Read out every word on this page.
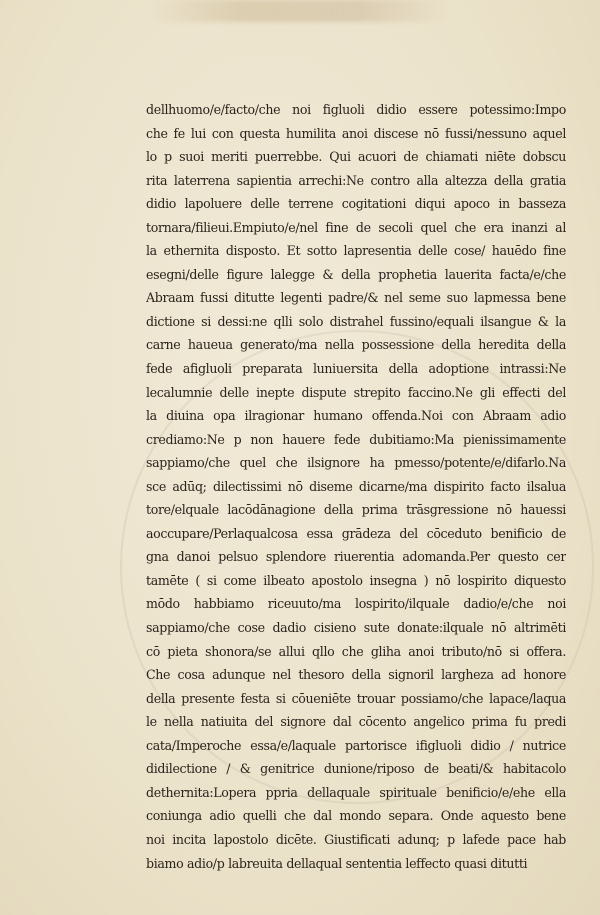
dellhuomo/e/facto/che noi figluoli didio essere potessimo:Impo
che fe lui con questa humilita anoi discese nō fussi/nessuno aquel
lo p suoi meriti puerrebbe. Qui acuori de chiamati niēte dobscu
rita laterrena sapientia arrechi:Ne contro alla altezza della gratia
didio lapoluere delle terrene cogitationi diqui apoco in basseza
tornara/filieui.Empiuto/e/nel fine de secoli quel che era inanzi al
la ethernita dispostο. Et sotto lapresentia delle cose/ hauēdo fine
esegni/delle figure lalegge & della prophetia lauerita facta/e/che
Abraam fussi ditutte legenti padre/& nel seme suo lapmessa bene
dictione si dessi:ne qlli solo distrahel fussino/equali ilsangue & la
carne haueua generato/ma nella possessione della heredita della
fede afigluoli preparata luniuersita della adoptione intrassi:Ne
lecalumnie delle inepte dispute strepito faccino.Ne gli effecti del
la diuina opa ilragionar humano offenda.Noi con Abraam adio
crediamo:Ne p non hauere fede dubitiamo:Ma pienissimamente
sappiamo/che quel che ilsignore ha pmesso/potente/e/difarlo.Na
sce adūq; dilectissimi nō diseme dicarne/ma dispirito facto ilsalua
tore/elquale lacōdānagione della prima trāsgressione nō hauessi
aoccupare/Perlaqualcosa essa grādeza del cōceduto benificio de
gna danoi pelsuo splendore riuerentia adomanda.Per questo cer
tamēte ( si come ilbeato apostolo insegna ) nō lospirito diquesto
mōdo habbiamo riceuuto/ma lospirito/ilquale dadio/e/che noi
sappiamo/che cose dadio cisieno sute donate:ilquale nō altrimēti
cō pieta shonora/se allui qllo che gliha anoi tributo/nō si offera.
Che cosa adunque nel thesoro della signoril largheza ad honore
della presente festa si cōueniēte trouar possiamo/che lapace/laqua
le nella natiuita del signore dal cōcento angelico prima fu predi
cata/Imperoche essa/e/laquale partorisce ifigluoli didio / nutrice
didilectione / & genitrice dunione/riposo de beati/& habitacolo
dethernita:Lopera ppria dellaquale spirituale benificio/e/ehe ella
coniunga adio quelli che dal mondo separa. Onde aquesto bene
noi incita lapostolo dicēte. Giustificati adunq; p lafede pace hab
biamo adio/p labreuita dellaqual sententia leffecto quasi ditutti
